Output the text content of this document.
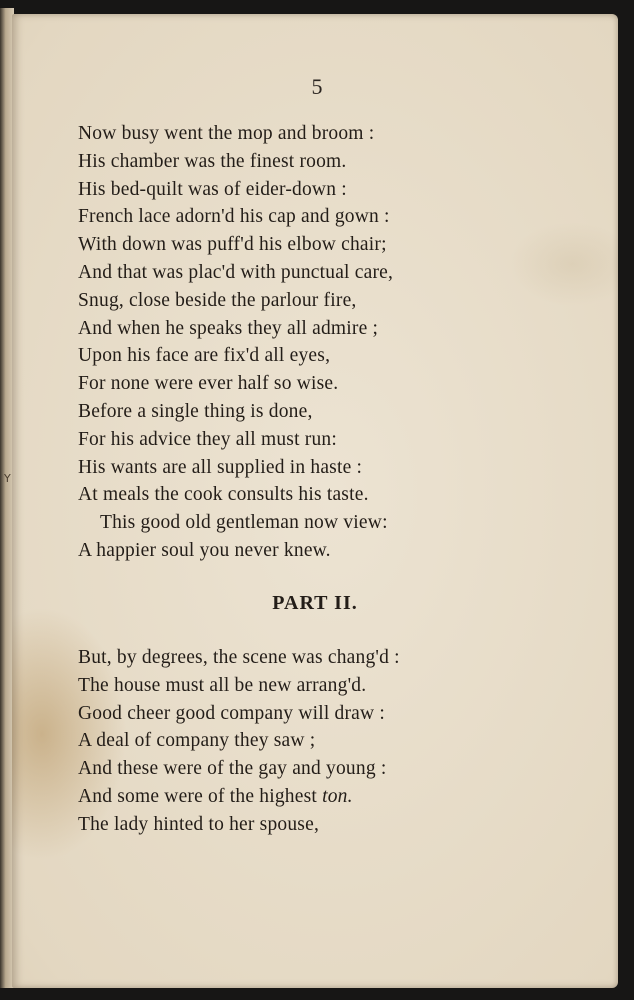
Y
5
Now busy went the mop and broom :
His chamber was the finest room.
His bed-quilt was of eider-down :
French lace adorn'd his cap and gown :
With down was puff'd his elbow chair;
And that was plac'd with punctual care,
Snug, close beside the parlour fire,
And when he speaks they all admire ;
Upon his face are fix'd all eyes,
For none were ever half so wise.
Before a single thing is done,
For his advice they all must run:
His wants are all supplied in haste :
At meals the cook consults his taste.
This good old gentleman now view:
A happier soul you never knew.
PART II.
But, by degrees, the scene was chang'd :
The house must all be new arrang'd.
Good cheer good company will draw :
A deal of company they saw ;
And these were of the gay and young :
And some were of the highest ton.
The lady hinted to her spouse,
